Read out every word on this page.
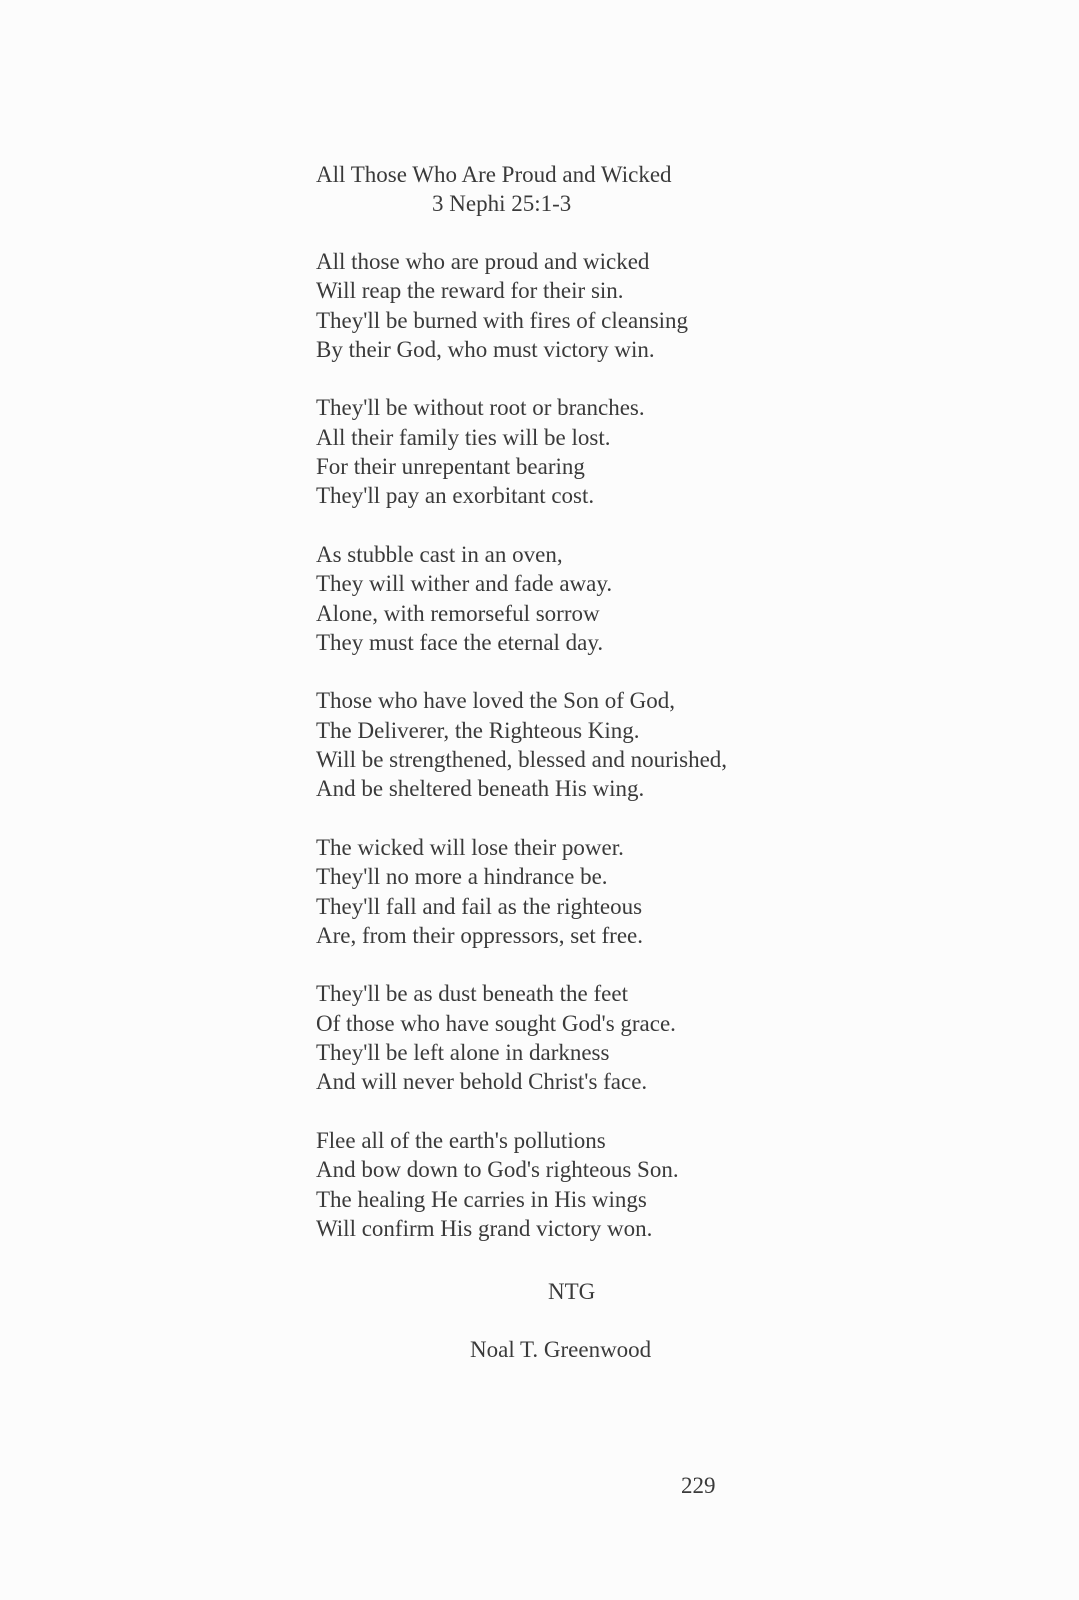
All Those Who Are Proud and Wicked
3 Nephi 25:1-3
All those who are proud and wicked
Will reap the reward for their sin.
They'll be burned with fires of cleansing
By their God, who must victory win.
They'll be without root or branches.
All their family ties will be lost.
For their unrepentant bearing
They'll pay an exorbitant cost.
As stubble cast in an oven,
They will wither and fade away.
Alone, with remorseful sorrow
They must face the eternal day.
Those who have loved the Son of God,
The Deliverer, the Righteous King.
Will be strengthened, blessed and nourished,
And be sheltered beneath His wing.
The wicked will lose their power.
They'll no more a hindrance be.
They'll fall and fail as the righteous
Are, from their oppressors, set free.
They'll be as dust beneath the feet
Of those who have sought God's grace.
They'll be left alone in darkness
And will never behold Christ's face.
Flee all of the earth's pollutions
And bow down to God's righteous Son.
The healing He carries in His wings
Will confirm His grand victory won.
NTG
Noal T. Greenwood
229
